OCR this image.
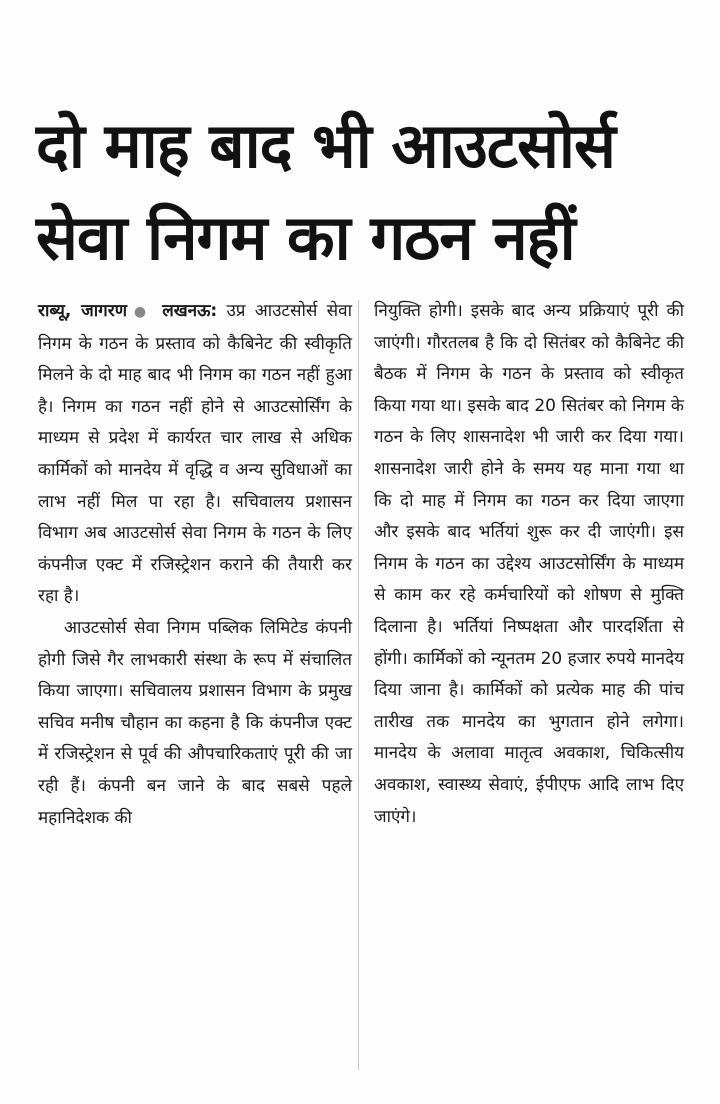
दो माह बाद भी आउटसोर्स
सेवा निगम का गठन नहीं

राब्यू, जागरण ● लखनऊ: उप्र आउटसोर्स सेवा निगम के गठन के प्रस्ताव को कैबिनेट की स्वीकृति मिलने के दो माह बाद भी निगम का गठन नहीं हुआ है। निगम का गठन नहीं होने से आउटसोर्सिंग के माध्यम से प्रदेश में कार्यरत चार लाख से अधिक कार्मिकों को मानदेय में वृद्धि व अन्य सुविधाओं का लाभ नहीं मिल पा रहा है। सचिवालय प्रशासन विभाग अब आउटसोर्स सेवा निगम के गठन के लिए कंपनीज एक्ट में रजिस्ट्रेशन कराने की तैयारी कर रहा है।

आउटसोर्स सेवा निगम पब्लिक लिमिटेड कंपनी होगी जिसे गैर लाभकारी संस्था के रूप में संचालित किया जाएगा। सचिवालय प्रशासन विभाग के प्रमुख सचिव मनीष चौहान का कहना है कि कंपनीज एक्ट में रजिस्ट्रेशन से पूर्व की औपचारिकताएं पूरी की जा रही हैं। कंपनी बन जाने के बाद सबसे पहले महानिदेशक की

नियुक्ति होगी। इसके बाद अन्य प्रक्रियाएं पूरी की जाएंगी। गौरतलब है कि दो सितंबर को कैबिनेट की बैठक में निगम के गठन के प्रस्ताव को स्वीकृत किया गया था। इसके बाद 20 सितंबर को निगम के गठन के लिए शासनादेश भी जारी कर दिया गया। शासनादेश जारी होने के समय यह माना गया था कि दो माह में निगम का गठन कर दिया जाएगा और इसके बाद भर्तियां शुरू कर दी जाएंगी। इस निगम के गठन का उद्देश्य आउटसोर्सिंग के माध्यम से काम कर रहे कर्मचारियों को शोषण से मुक्ति दिलाना है। भर्तियां निष्पक्षता और पारदर्शिता से होंगी। कार्मिकों को न्यूनतम 20 हजार रुपये मानदेय दिया जाना है। कार्मिकों को प्रत्येक माह की पांच तारीख तक मानदेय का भुगतान होने लगेगा। मानदेय के अलावा मातृत्व अवकाश, चिकित्सीय अवकाश, स्वास्थ्य सेवाएं, ईपीएफ आदि लाभ दिए जाएंगे।
